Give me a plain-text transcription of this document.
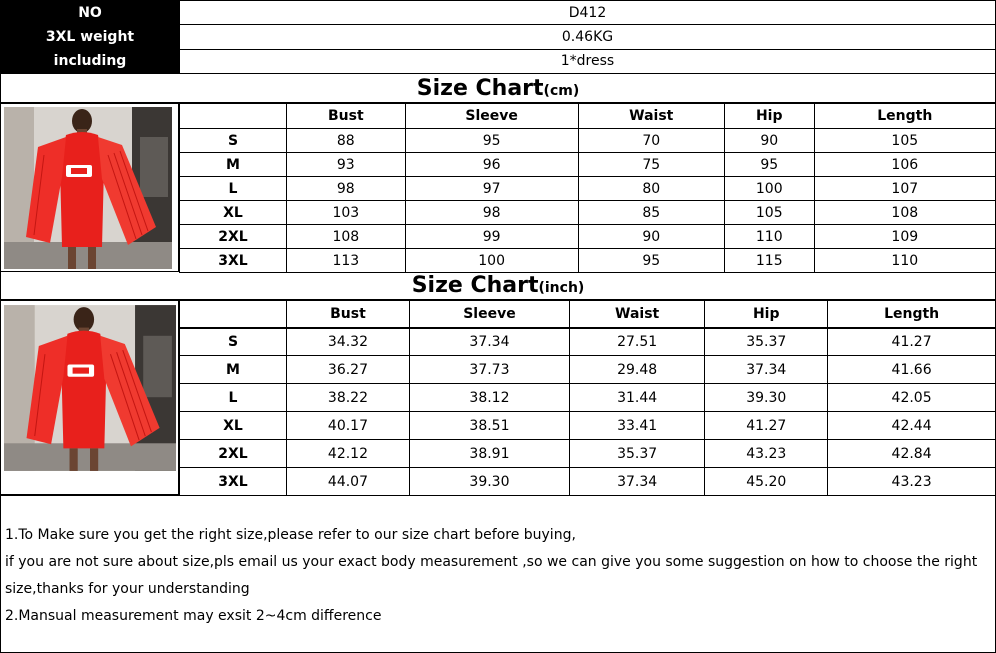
NO	D412
3XL weight	0.46KG
including	1*dress
Size Chart(cm)
	Bust	Sleeve	Waist	Hip	Length
S	88	95	70	90	105
M	93	96	75	95	106
L	98	97	80	100	107
XL	103	98	85	105	108
2XL	108	99	90	110	109
3XL	113	100	95	115	110
Size Chart(inch)
	Bust	Sleeve	Waist	Hip	Length
S	34.32	37.34	27.51	35.37	41.27
M	36.27	37.73	29.48	37.34	41.66
L	38.22	38.12	31.44	39.30	42.05
XL	40.17	38.51	33.41	41.27	42.44
2XL	42.12	38.91	35.37	43.23	42.84
3XL	44.07	39.30	37.34	45.20	43.23

1.To Make sure you get the right size,please refer to our size chart before buying,

if you are not sure about size,pls email us your exact body measurement ,so we can give you some suggestion on how to choose the right

size,thanks for your understanding

2.Mansual measurement may exsit 2~4cm difference
